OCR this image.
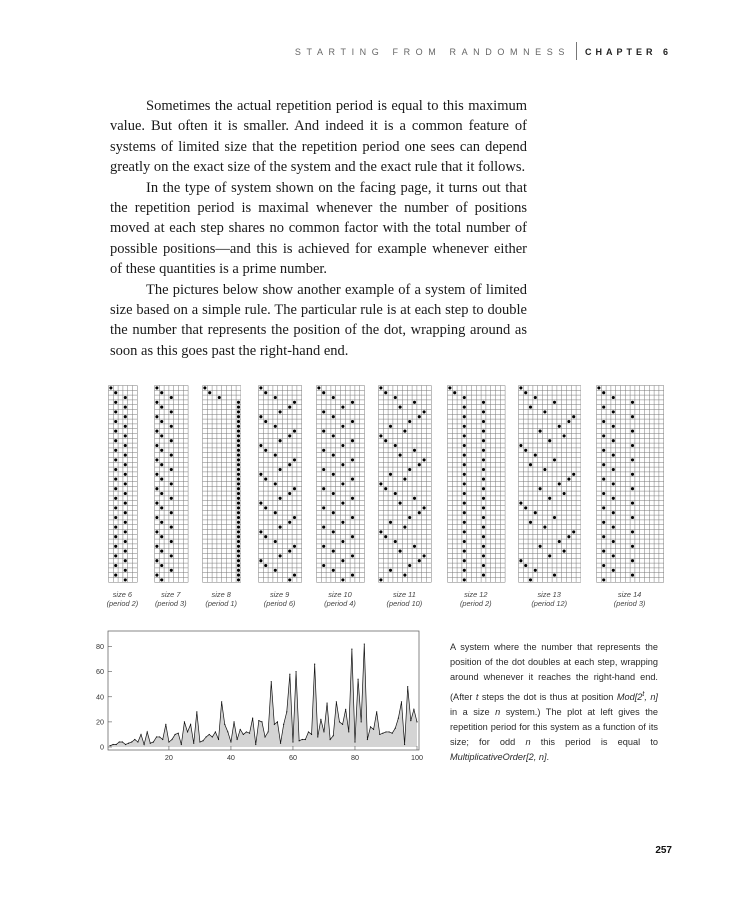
STARTING FROM RANDOMNESS CHAPTER 6

Sometimes the actual repetition period is equal to this maximum value. But often it is smaller. And indeed it is a common feature of systems of limited size that the repetition period one sees can depend greatly on the exact size of the system and the exact rule that it follows.

In the type of system shown on the facing page, it turns out that the repetition period is maximal whenever the number of positions moved at each step shares no common factor with the total number of possible positions—and this is achieved for example whenever either of these quantities is a prime number.

The pictures below show another example of a system of limited size based on a simple rule. The particular rule is at each step to double the number that represents the position of the dot, wrapping around as soon as this goes past the right-hand end.

size 6
(period 2)
size 7
(period 3)
size 8
(period 1)
size 9
(period 6)
size 10
(period 4)
size 11
(period 10)
size 12
(period 2)
size 13
(period 12)
size 14
(period 3)
0
20
40
60
80
20	40	60	80	100
A system where the number that represents the position of the dot doubles at each step, wrapping around whenever it reaches the right-hand end. (After t steps the dot is thus at position Mod[2$^t$, n] in a size n system.) The plot at left gives the repetition period for this system as a function of its size; for odd n this period is equal to MultiplicativeOrder[2, n].
257
